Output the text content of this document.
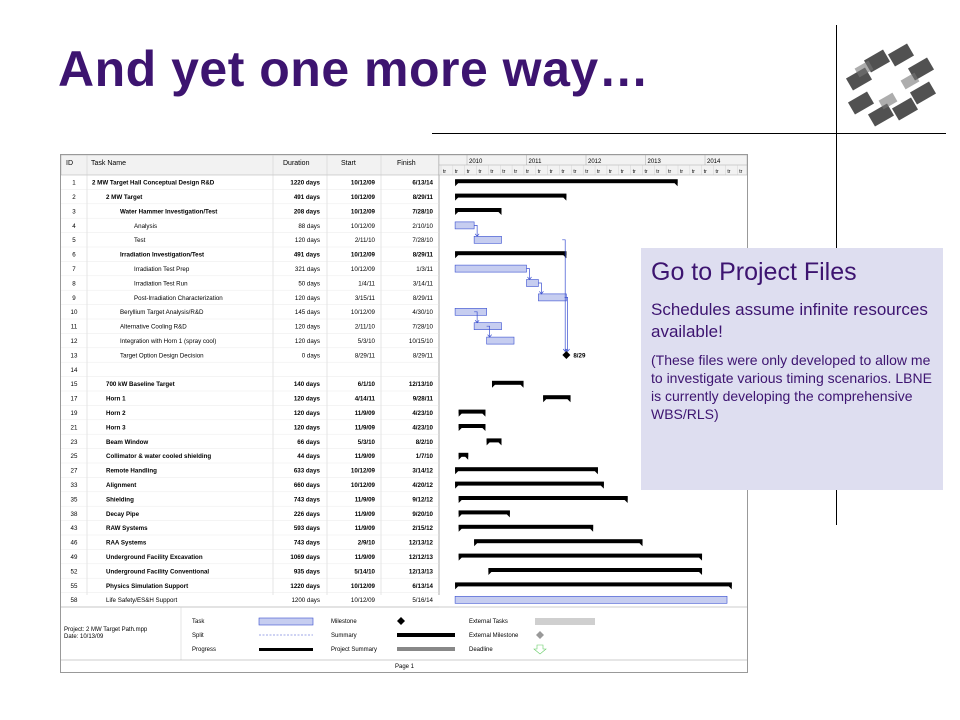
And yet one more way…
ID	Task Name	Duration	Start	Finish	2010	2011	2012	2013	2014
tr tr tr tr tr tr tr tr tr tr tr tr tr tr tr tr tr tr tr tr tr tr tr tr tr tr
1	2 MW Target Hall Conceptual Design R&D	1220 days	10/12/09	6/13/14
2	2 MW Target	491 days	10/12/09	8/29/11
3	Water Hammer Investigation/Test	208 days	10/12/09	7/28/10
4	Analysis	88 days	10/12/09	2/10/10
5	Test	120 days	2/11/10	7/28/10
6	Irradiation Investigation/Test	491 days	10/12/09	8/29/11
7	Irradiation Test Prep	321 days	10/12/09	1/3/11
8	Irradiation Test Run	50 days	1/4/11	3/14/11
9	Post-Irradiation Characterization	120 days	3/15/11	8/29/11
10	Beryllium Target Analysis/R&D	145 days	10/12/09	4/30/10
11	Alternative Cooling R&D	120 days	2/11/10	7/28/10
12	Integration with Horn 1 (spray cool)	120 days	5/3/10	10/15/10
13	Target Option Design Decision	0 days	8/29/11	8/29/11
14
15	700 kW Baseline Target	140 days	6/1/10	12/13/10
17	Horn 1	120 days	4/14/11	9/28/11
19	Horn 2	120 days	11/9/09	4/23/10
21	Horn 3	120 days	11/9/09	4/23/10
23	Beam Window	66 days	5/3/10	8/2/10
25	Collimator & water cooled shielding	44 days	11/9/09	1/7/10
27	Remote Handling	633 days	10/12/09	3/14/12
33	Alignment	660 days	10/12/09	4/20/12
35	Shielding	743 days	11/9/09	9/12/12
38	Decay Pipe	226 days	11/9/09	9/20/10
43	RAW Systems	593 days	11/9/09	2/15/12
46	RAA Systems	743 days	2/9/10	12/13/12
49	Underground Facility Excavation	1069 days	11/9/09	12/12/13
52	Underground Facility Conventional	935 days	5/14/10	12/13/13
55	Physics Simulation Support	1220 days	10/12/09	6/13/14
58	Life Safety/ES&H Support	1200 days	10/12/09	5/16/14
8/29
Project: 2 MW Target Path.mpp
Date: 10/13/09
Task
Split
Progress
Milestone
Summary
Project Summary
External Tasks
External Milestone
Deadline
Page 1
Go to Project Files
Schedules assume infinite resources available!
(These files were only developed to allow me to investigate various timing scenarios. LBNE is currently developing the comprehensive WBS/RLS)
